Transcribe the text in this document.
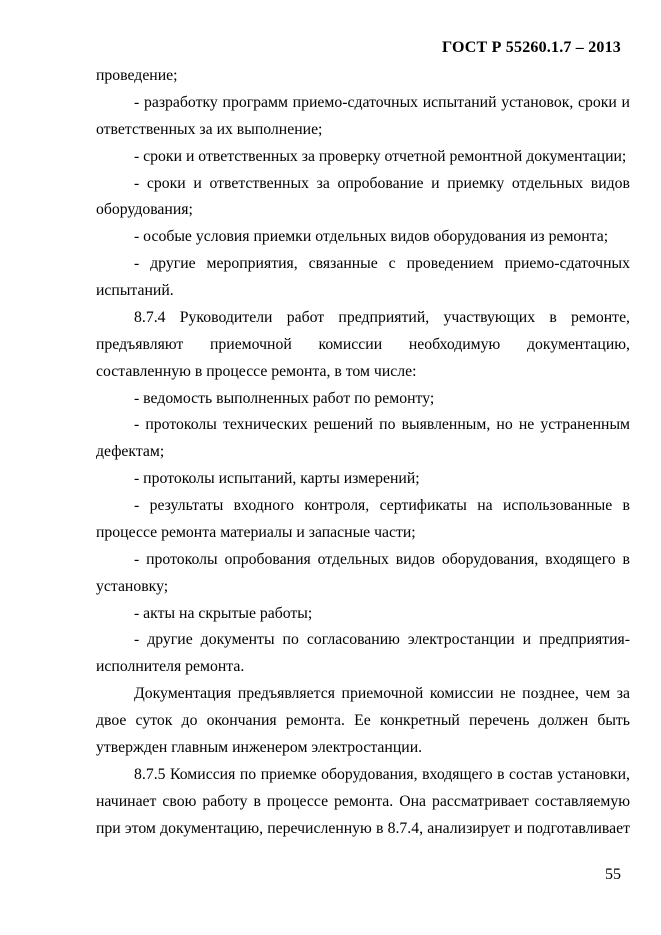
ГОСТ Р 55260.1.7 – 2013

проведение;

- разработку программ приемо-сдаточных испытаний установок, сроки и ответственных за их выполнение;

- сроки и ответственных за проверку отчетной ремонтной документации;

- сроки и ответственных за опробование и приемку отдельных видов оборудования;

- особые условия приемки отдельных видов оборудования из ремонта;

- другие мероприятия, связанные с проведением приемо-сдаточных испытаний.

8.7.4 Руководители работ предприятий, участвующих в ремонте, предъявляют приемочной комиссии необходимую документацию, составленную в процессе ремонта, в том числе:

- ведомость выполненных работ по ремонту;

- протоколы технических решений по выявленным, но не устраненным дефектам;

- протоколы испытаний, карты измерений;

- результаты входного контроля, сертификаты на использованные в процессе ремонта материалы и запасные части;

- протоколы опробования отдельных видов оборудования, входящего в установку;

- акты на скрытые работы;

- другие документы по согласованию электростанции и предприятия-исполнителя ремонта.

Документация предъявляется приемочной комиссии не позднее, чем за двое суток до окончания ремонта. Ее конкретный перечень должен быть утвержден главным инженером электростанции.

8.7.5 Комиссия по приемке оборудования, входящего в состав установки, начинает свою работу в процессе ремонта. Она рассматривает составляемую при этом документацию, перечисленную в 8.7.4, анализирует и подготавливает

55
